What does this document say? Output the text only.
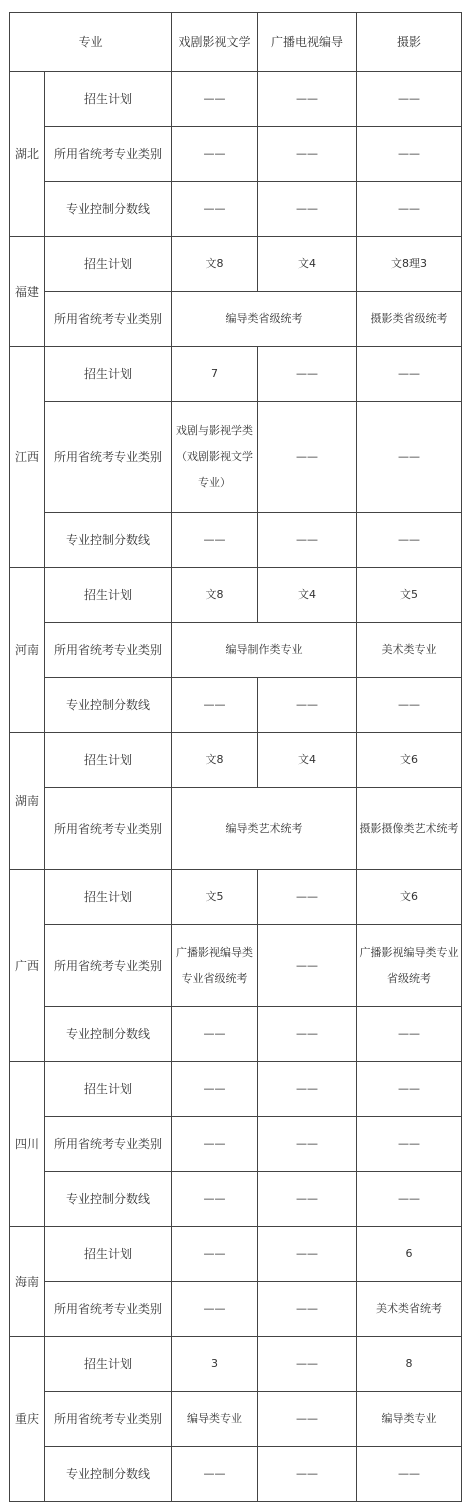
专业		戏剧影视文学	广播电视编导	摄影
湖北	招生计划	——	——	——
	所用省统考专业类别	——	——	——
	专业控制分数线	——	——	——
福建	招生计划	文8	文4	文8理3
	所用省统考专业类别	编导类省级统考		摄影类省级统考
江西	招生计划	7	——	——
	所用省统考专业类别	戏剧与影视学类（戏剧影视文学专业）	——	——
	专业控制分数线	——	——	——
河南	招生计划	文8	文4	文5
	所用省统考专业类别	编导制作类专业		美术类专业
	专业控制分数线	——	——	——
湖南	招生计划	文8	文4	文6
	所用省统考专业类别	编导类艺术统考		摄影摄像类艺术统考
广西	招生计划	文5	——	文6
	所用省统考专业类别	广播影视编导类专业省级统考	——	广播影视编导类专业省级统考
	专业控制分数线	——	——	——
四川	招生计划	——	——	——
	所用省统考专业类别	——	——	——
	专业控制分数线	——	——	——
海南	招生计划	——	——	6
	所用省统考专业类别	——	——	美术类省统考
重庆	招生计划	3	——	8
	所用省统考专业类别	编导类专业	——	编导类专业
	专业控制分数线	——	——	——
